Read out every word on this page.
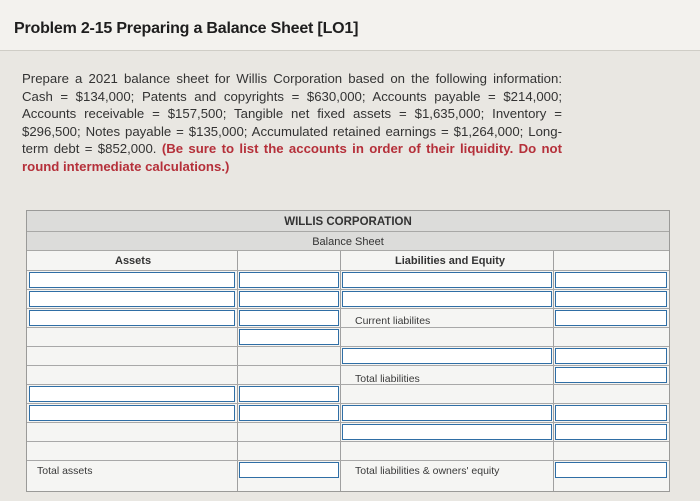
Problem 2-15 Preparing a Balance Sheet [LO1]
Prepare a 2021 balance sheet for Willis Corporation based on the following information: Cash = $134,000; Patents and copyrights = $630,000; Accounts payable = $214,000; Accounts receivable = $157,500; Tangible net fixed assets = $1,635,000; Inventory = $296,500; Notes payable = $135,000; Accumulated retained earnings = $1,264,000; Long-term debt = $852,000. (Be sure to list the accounts in order of their liquidity. Do not round intermediate calculations.)
WILLIS CORPORATION
Balance Sheet
Assets	Liabilities and Equity
Total assets
Current liabilites
Total liabilities
Total liabilities & owners' equity
